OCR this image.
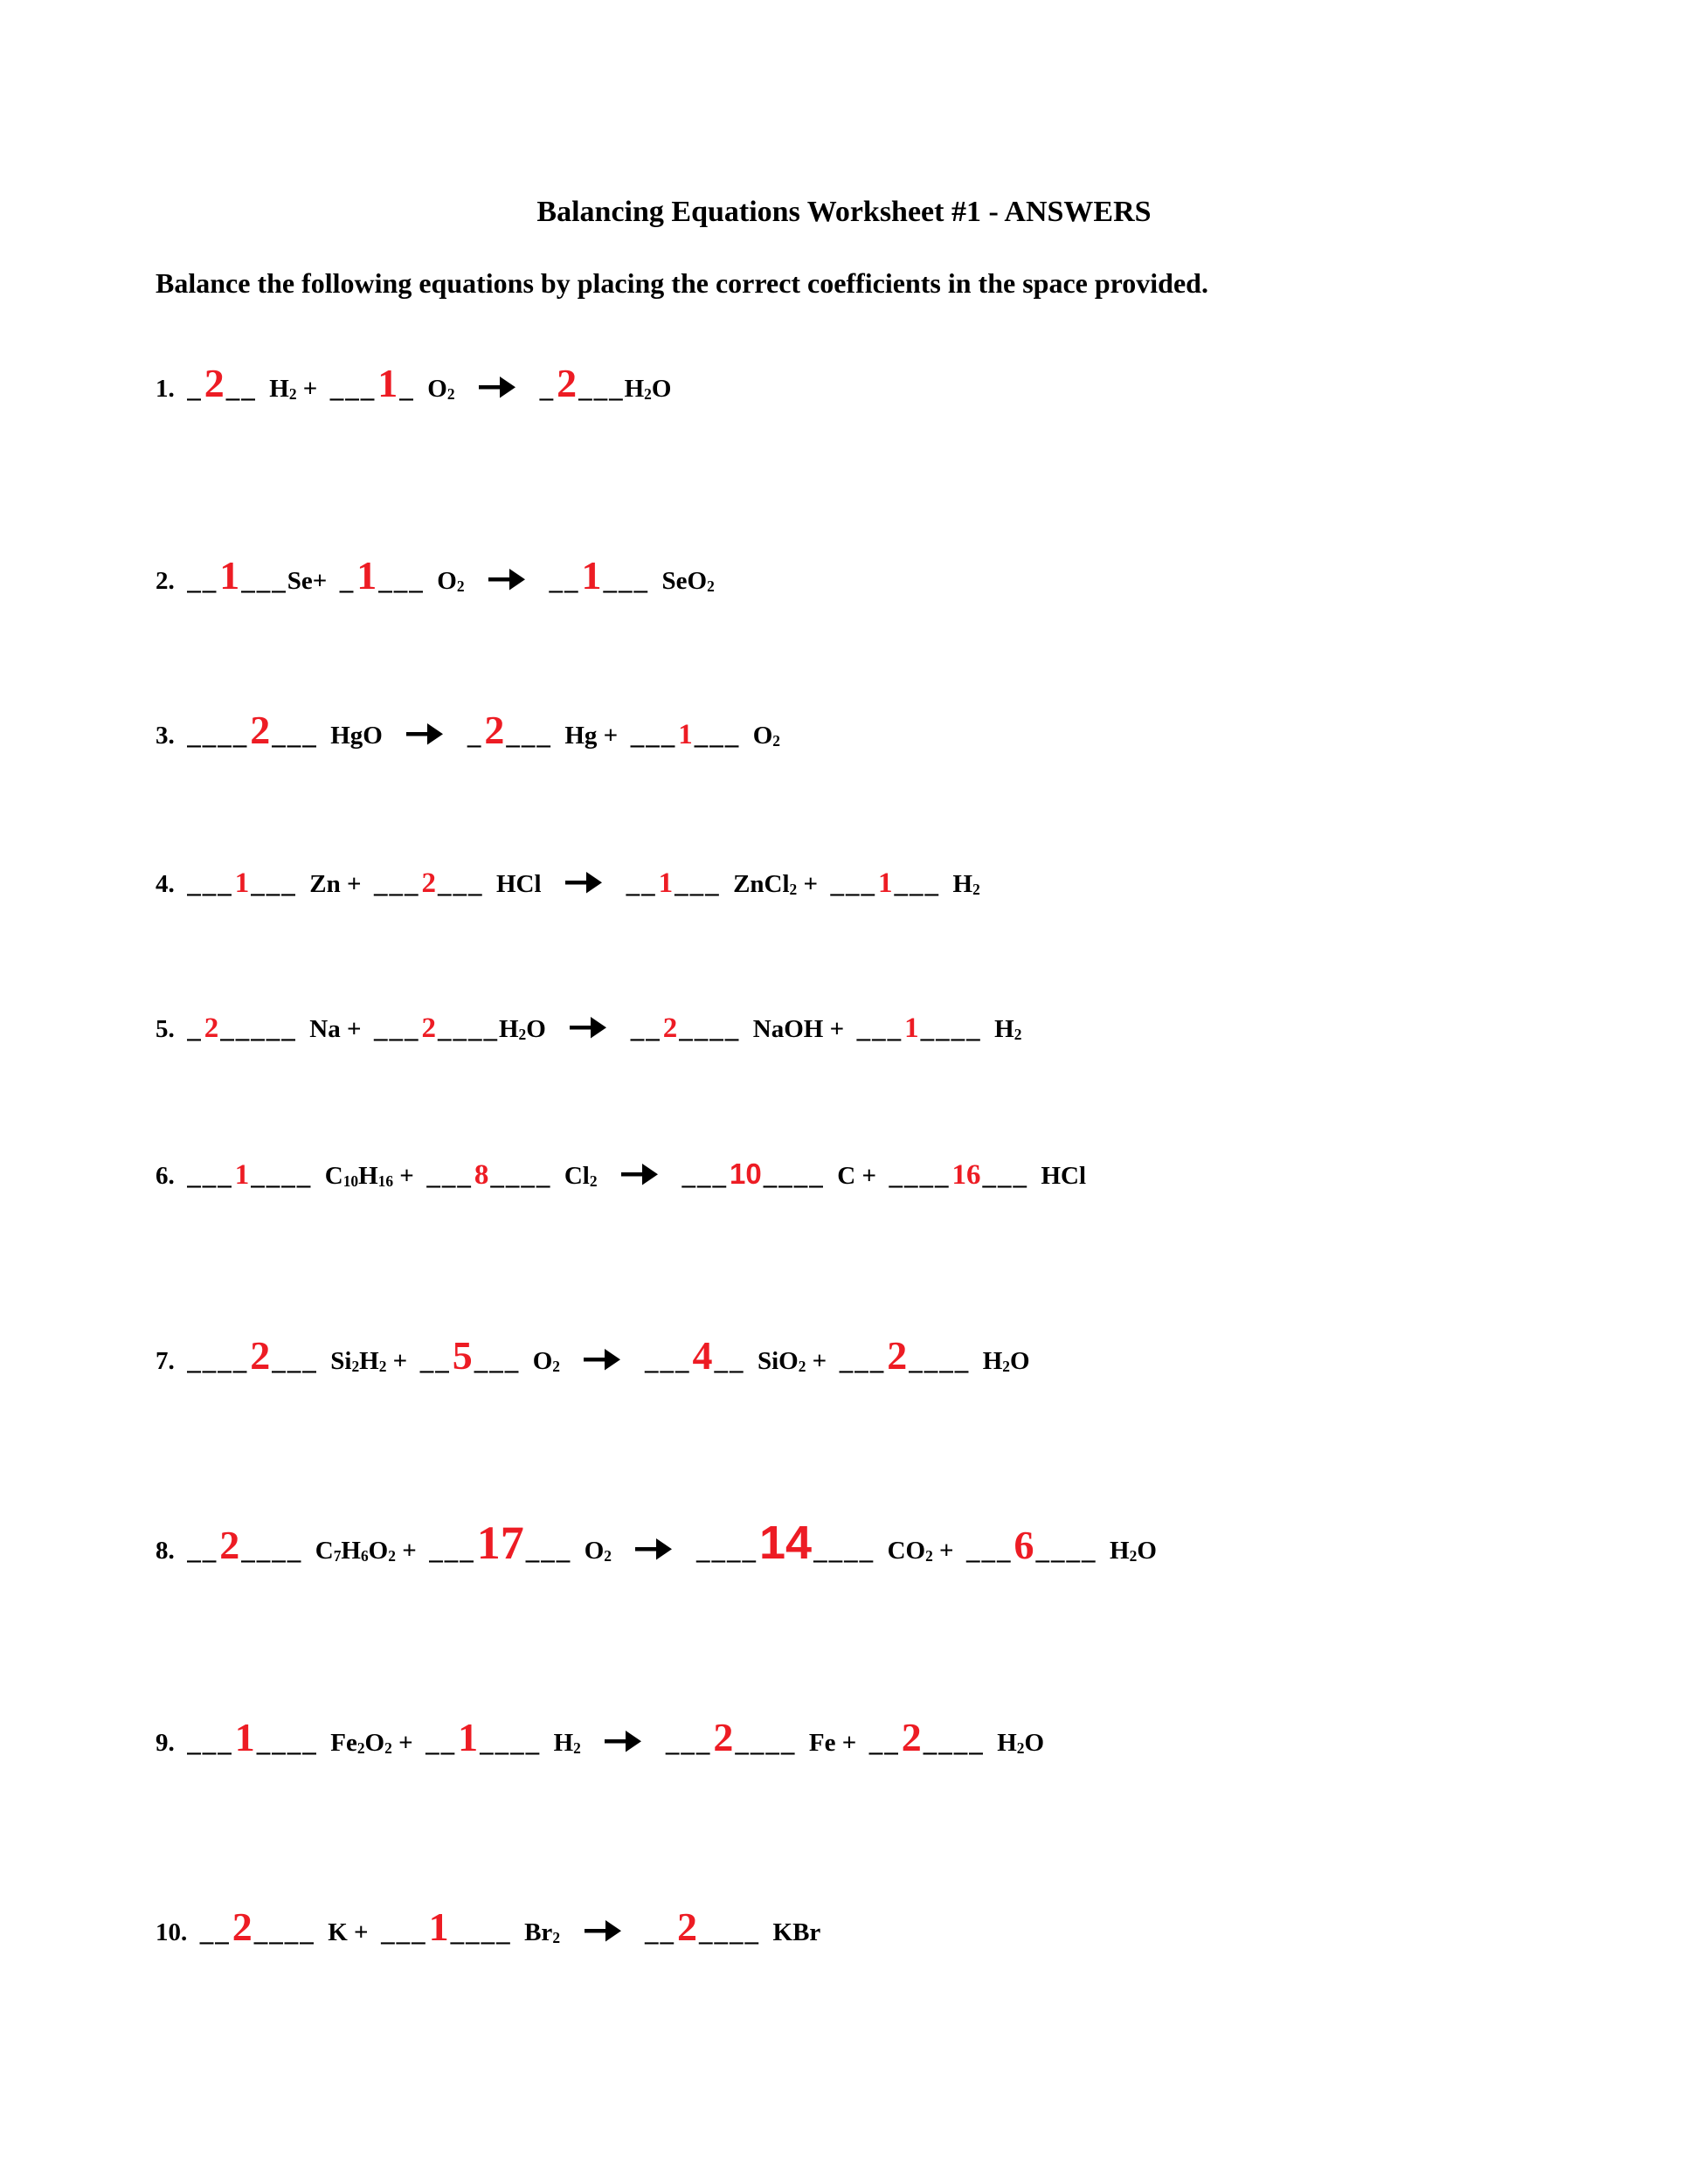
Balancing Equations Worksheet #1 - ANSWERS
Balance the following equations by placing the correct coefficients in the space provided.
1. _2__ H2 + ___1_ O2	_2___H2O
2. __1___Se+ _1___ O2	__1___ SeO2
3. ____2___ HgO	_2___ Hg + ___1___ O2
4. ___1___ Zn + ___2___ HCl	__1___ ZnCl2 + ___1___ H2
5. _2_____ Na + ___2____H2O	__2____ NaOH + ___1____ H2
6. ___1____ C10H16 + ___8____ Cl2	___10____ C + ____16___ HCl
7. ____2___ Si2H2 + __5___ O2	___4__ SiO2 + ___2____ H2O
8. __2____ C7H6O2 + ___17___ O2	____14____ CO2 + ___6____ H2O
9. ___1____ Fe2O2 + __1____ H2	___2____ Fe + __2____ H2O
10. __2____ K + ___1____ Br2	__2____ KBr
